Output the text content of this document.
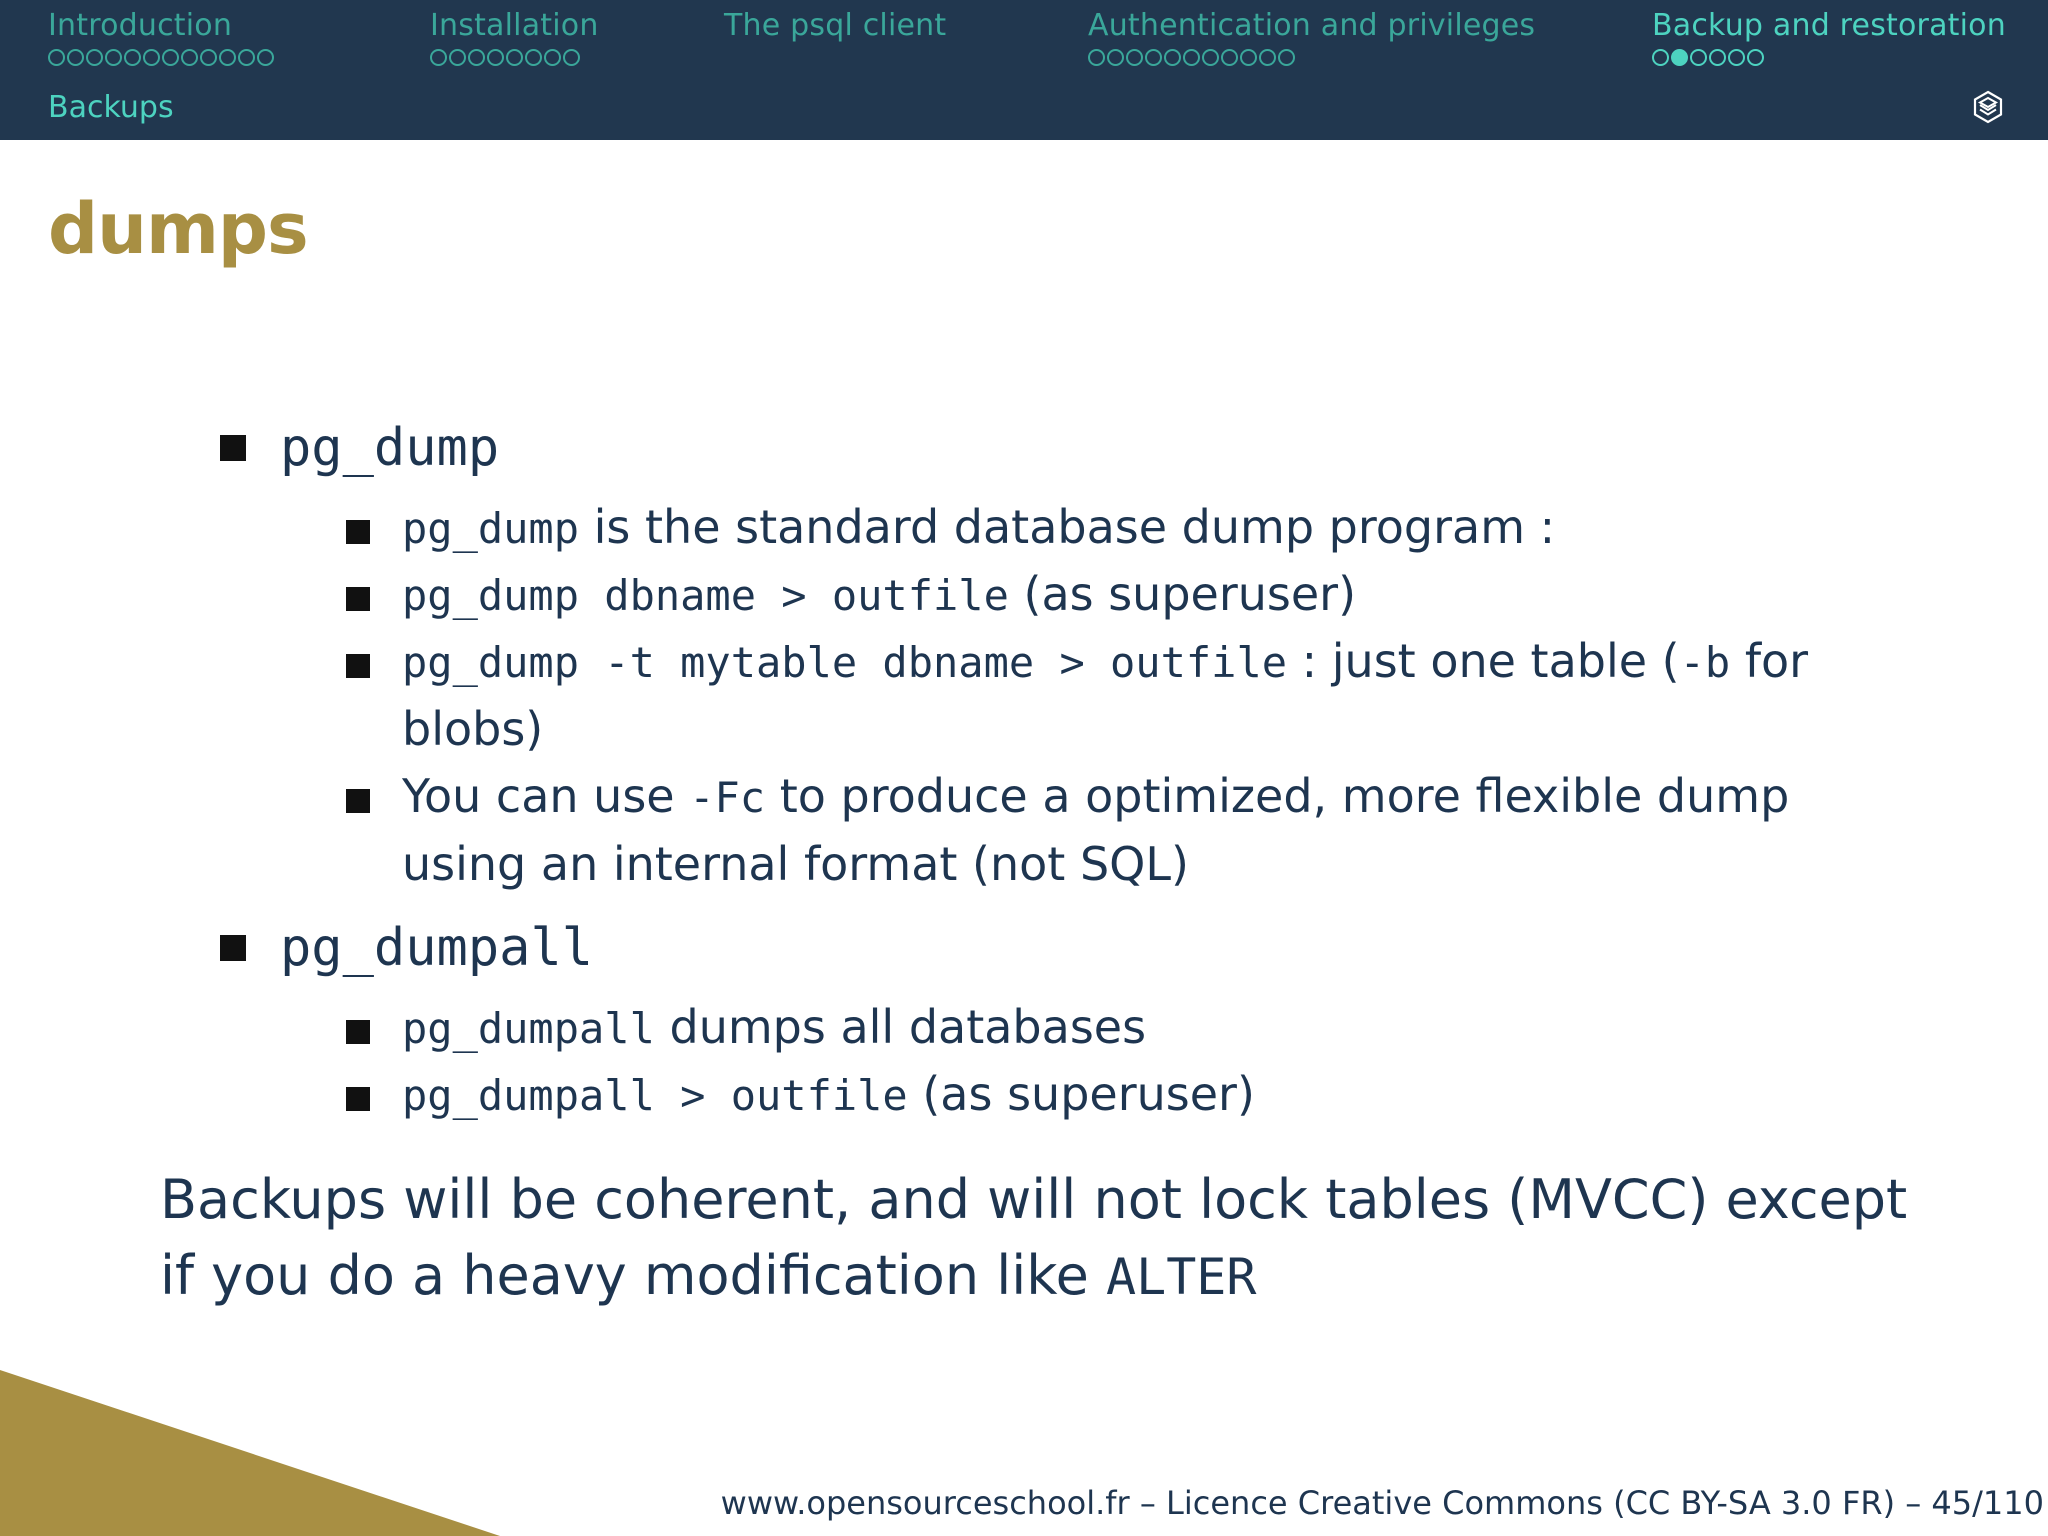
Introduction	Installation	The psql client	Authentication and privileges	Backup and restoration
Backups
dumps
pg_dump
pg_dump is the standard database dump program :
pg_dump dbname > outfile (as superuser)
pg_dump -t mytable dbname > outfile : just one table (-b for blobs)
You can use -Fc to produce a optimized, more flexible dump using an internal format (not SQL)
pg_dumpall
pg_dumpall dumps all databases
pg_dumpall > outfile (as superuser)
Backups will be coherent, and will not lock tables (MVCC) except if you do a heavy modification like ALTER
www.opensourceschool.fr – Licence Creative Commons (CC BY-SA 3.0 FR) – 45/110
